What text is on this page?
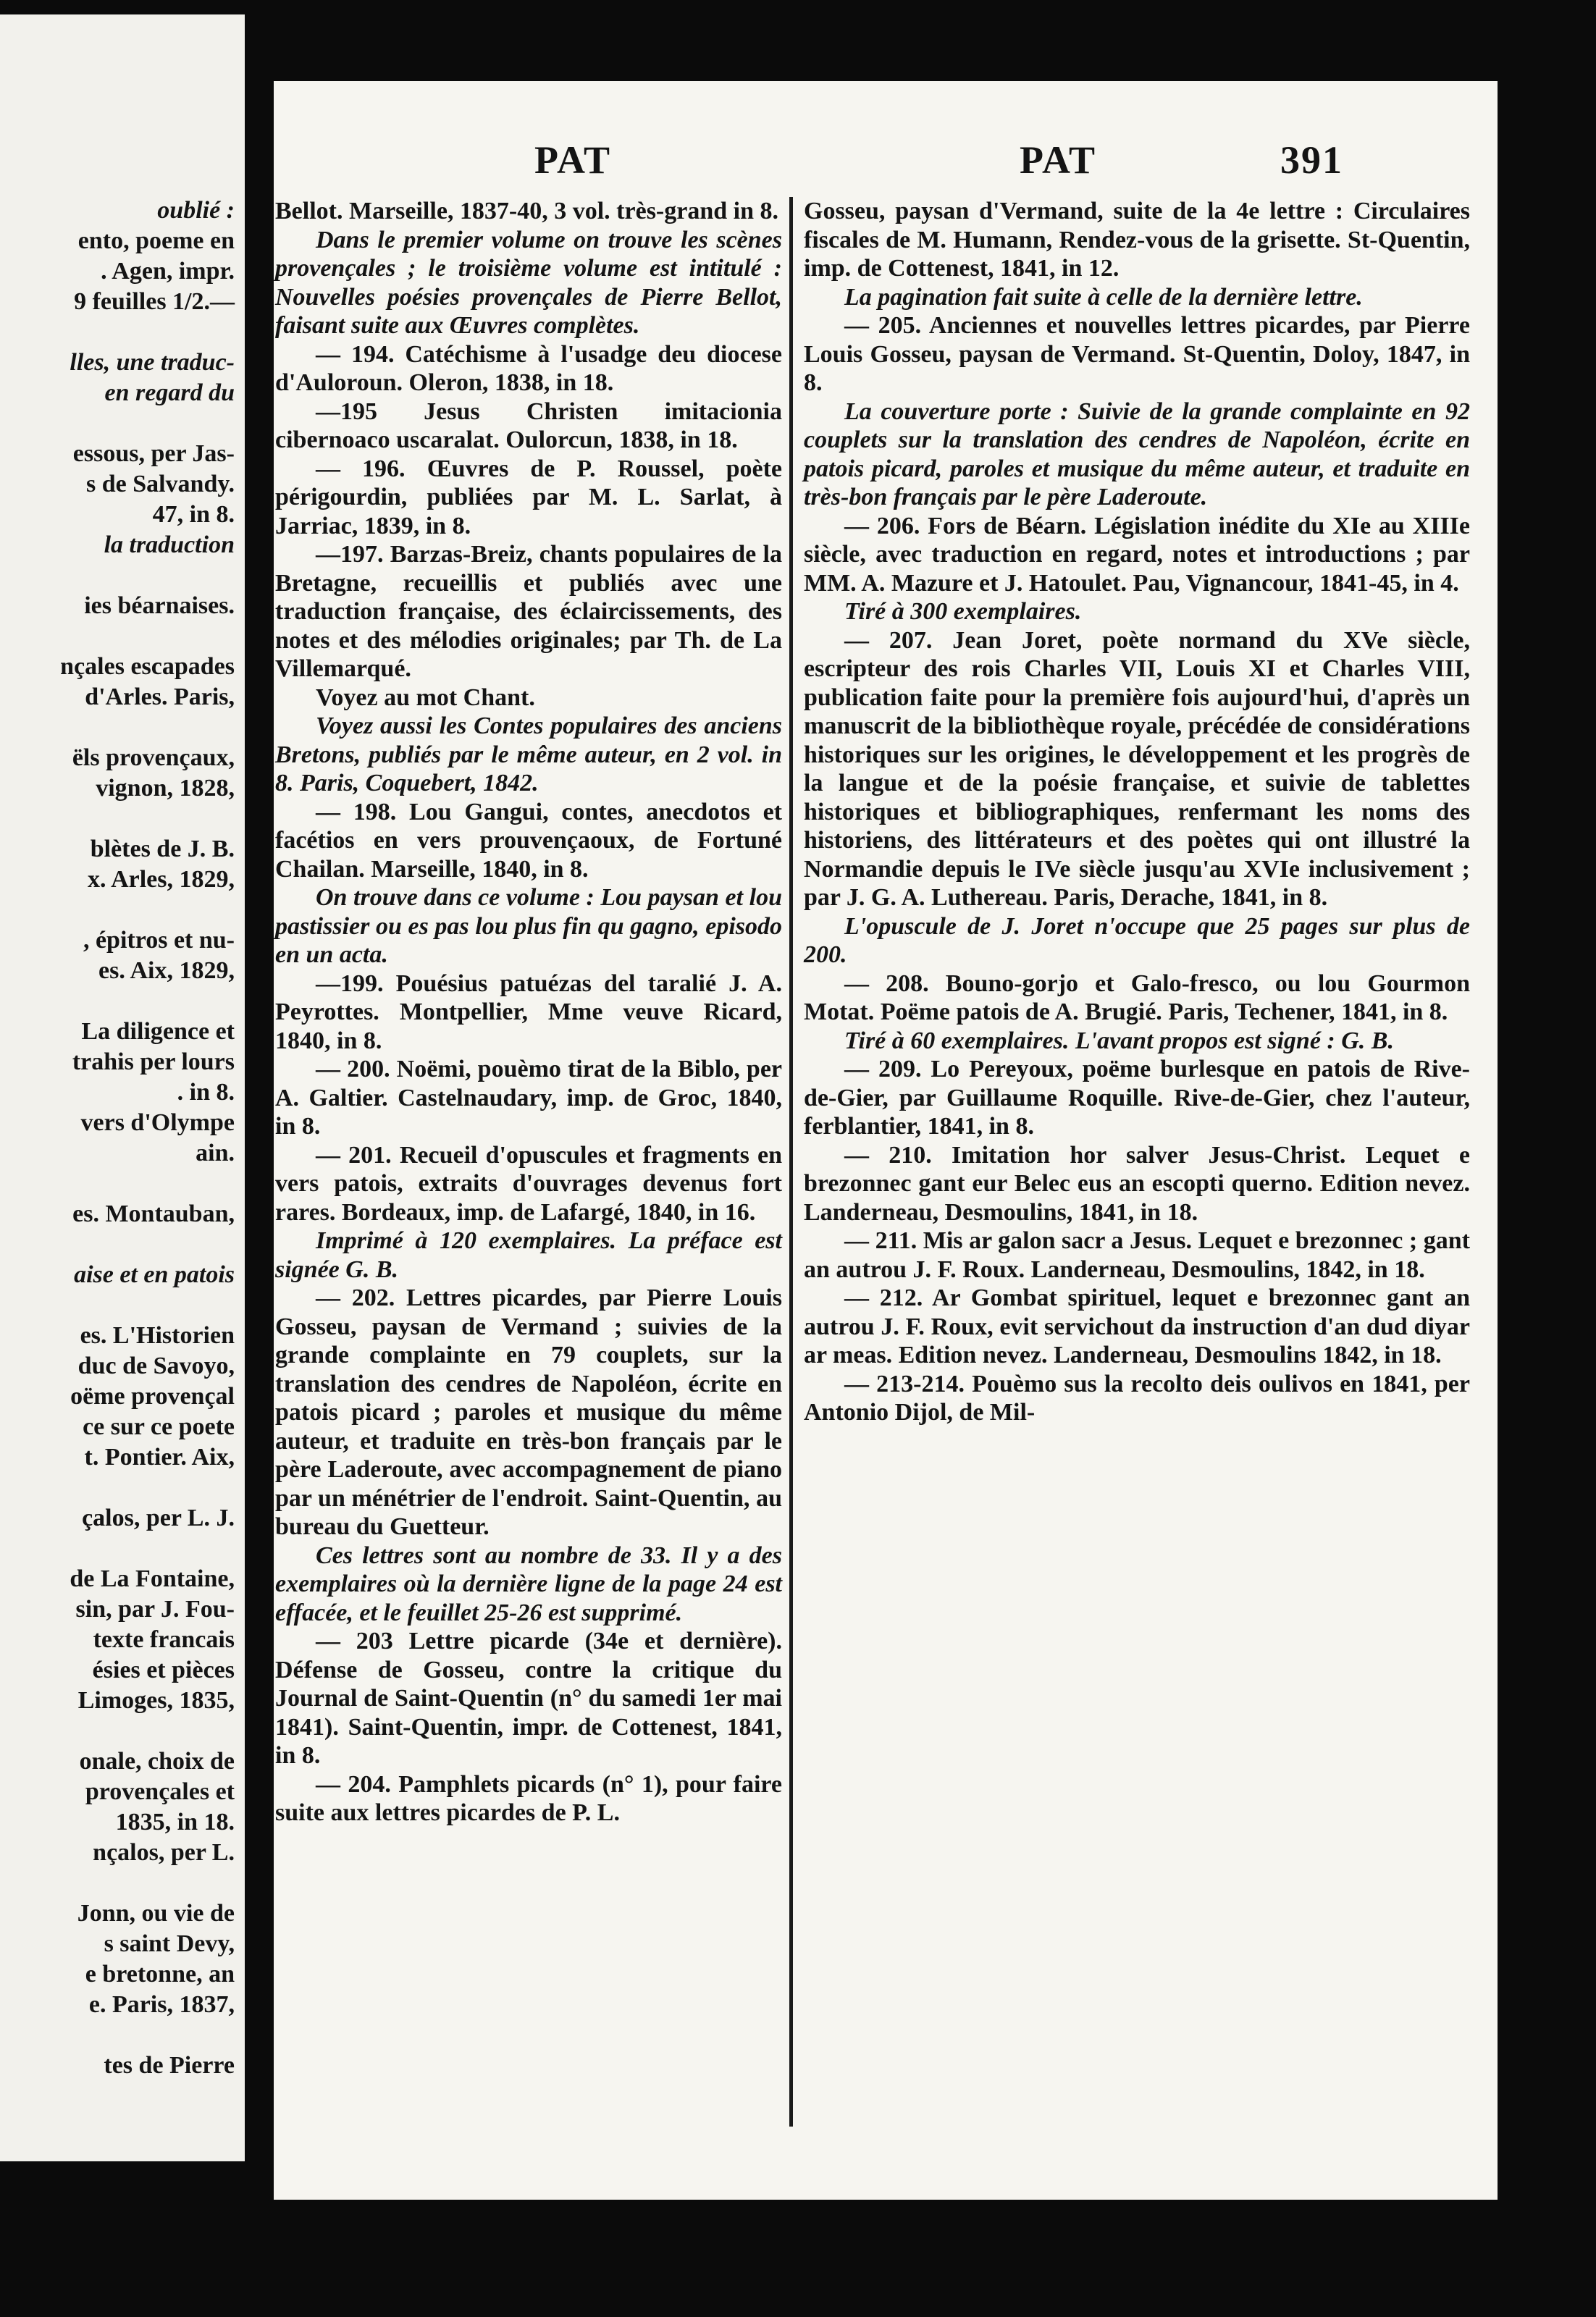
oublié :
ento, poeme en
. Agen, impr.
9 feuilles 1/2.—
lles, une traduc-
en regard du
essous, per Jas-
s de Salvandy.
47, in 8.
la traduction
ies béarnaises.
nçales escapades
d'Arles. Paris,
ëls provençaux,
vignon, 1828,
blètes de J. B.
x. Arles, 1829,
, épitros et nu-
es. Aix, 1829,
La diligence et
trahis per lours
. in 8.
vers d'Olympe
ain.
es. Montauban,
aise et en patois
es. L'Historien
duc de Savoyo,
oëme provençal
ce sur ce poete
t. Pontier. Aix,
çalos, per L. J.
de La Fontaine,
sin, par J. Fou-
texte francais
ésies et pièces
Limoges, 1835,
onale, choix de
provençales et
1835, in 18.
nçalos, per L.
Jonn, ou vie de
s saint Devy,
e bretonne, an
e. Paris, 1837,
tes de Pierre
PAT	PAT	391

Bellot. Marseille, 1837-40, 3 vol. très-grand in 8.

Dans le premier volume on trouve les scènes provençales ; le troisième volume est intitulé : Nouvelles poésies provençales de Pierre Bellot, faisant suite aux Œuvres complètes.

— 194. Catéchisme à l'usadge deu diocese d'Auloroun. Oleron, 1838, in 18.

—195 Jesus Christen imitacionia cibernoaco uscaralat. Oulorcun, 1838, in 18.

— 196. Œuvres de P. Roussel, poète périgourdin, publiées par M. L. Sarlat, à Jarriac, 1839, in 8.

—197. Barzas-Breiz, chants populaires de la Bretagne, recueillis et publiés avec une traduction française, des éclaircissements, des notes et des mélodies originales; par Th. de La Villemarqué.

Voyez au mot Chant.

Voyez aussi les Contes populaires des anciens Bretons, publiés par le même auteur, en 2 vol. in 8. Paris, Coquebert, 1842.

— 198. Lou Gangui, contes, anecdotos et facétios en vers prouvençaoux, de Fortuné Chailan. Marseille, 1840, in 8.

On trouve dans ce volume : Lou paysan et lou pastissier ou es pas lou plus fin qu gagno, episodo en un acta.

—199. Pouésius patuézas del taralié J. A. Peyrottes. Montpellier, Mme veuve Ricard, 1840, in 8.

— 200. Noëmi, pouèmo tirat de la Biblo, per A. Galtier. Castelnaudary, imp. de Groc, 1840, in 8.

— 201. Recueil d'opuscules et fragments en vers patois, extraits d'ouvrages devenus fort rares. Bordeaux, imp. de Lafargé, 1840, in 16.

Imprimé à 120 exemplaires. La préface est signée G. B.

— 202. Lettres picardes, par Pierre Louis Gosseu, paysan de Vermand ; suivies de la grande complainte en 79 couplets, sur la translation des cendres de Napoléon, écrite en patois picard ; paroles et musique du même auteur, et traduite en très-bon français par le père Laderoute, avec accompagnement de piano par un ménétrier de l'endroit. Saint-Quentin, au bureau du Guetteur.

Ces lettres sont au nombre de 33. Il y a des exemplaires où la dernière ligne de la page 24 est effacée, et le feuillet 25-26 est supprimé.

— 203 Lettre picarde (34e et dernière). Défense de Gosseu, contre la critique du Journal de Saint-Quentin (n° du samedi 1er mai 1841). Saint-Quentin, impr. de Cottenest, 1841, in 8.

— 204. Pamphlets picards (n° 1), pour faire suite aux lettres picardes de P. L.

Gosseu, paysan d'Vermand, suite de la 4e lettre : Circulaires fiscales de M. Humann, Rendez-vous de la grisette. St-Quentin, imp. de Cottenest, 1841, in 12.

La pagination fait suite à celle de la dernière lettre.

— 205. Anciennes et nouvelles lettres picardes, par Pierre Louis Gosseu, paysan de Vermand. St-Quentin, Doloy, 1847, in 8.

La couverture porte : Suivie de la grande complainte en 92 couplets sur la translation des cendres de Napoléon, écrite en patois picard, paroles et musique du même auteur, et traduite en très-bon français par le père Laderoute.

— 206. Fors de Béarn. Législation inédite du XIe au XIIIe siècle, avec traduction en regard, notes et introductions ; par MM. A. Mazure et J. Hatoulet. Pau, Vignancour, 1841-45, in 4.

Tiré à 300 exemplaires.

— 207. Jean Joret, poète normand du XVe siècle, escripteur des rois Charles VII, Louis XI et Charles VIII, publication faite pour la première fois aujourd'hui, d'après un manuscrit de la bibliothèque royale, précédée de considérations historiques sur les origines, le développement et les progrès de la langue et de la poésie française, et suivie de tablettes historiques et bibliographiques, renfermant les noms des historiens, des littérateurs et des poètes qui ont illustré la Normandie depuis le IVe siècle jusqu'au XVIe inclusivement ; par J. G. A. Luthereau. Paris, Derache, 1841, in 8.

L'opuscule de J. Joret n'occupe que 25 pages sur plus de 200.

— 208. Bouno-gorjo et Galo-fresco, ou lou Gourmon Motat. Poëme patois de A. Brugié. Paris, Techener, 1841, in 8.

Tiré à 60 exemplaires. L'avant propos est signé : G. B.

— 209. Lo Pereyoux, poëme burlesque en patois de Rive-de-Gier, par Guillaume Roquille. Rive-de-Gier, chez l'auteur, ferblantier, 1841, in 8.

— 210. Imitation hor salver Jesus-Christ. Lequet e brezonnec gant eur Belec eus an escopti querno. Edition nevez. Landerneau, Desmoulins, 1841, in 18.

— 211. Mis ar galon sacr a Jesus. Lequet e brezonnec ; gant an autrou J. F. Roux. Landerneau, Desmoulins, 1842, in 18.

— 212. Ar Gombat spirituel, lequet e brezonnec gant an autrou J. F. Roux, evit servichout da instruction d'an dud diyar ar meas. Edition nevez. Landerneau, Desmoulins 1842, in 18.

— 213-214. Pouèmo sus la recolto deis oulivos en 1841, per Antonio Dijol, de Mil-
